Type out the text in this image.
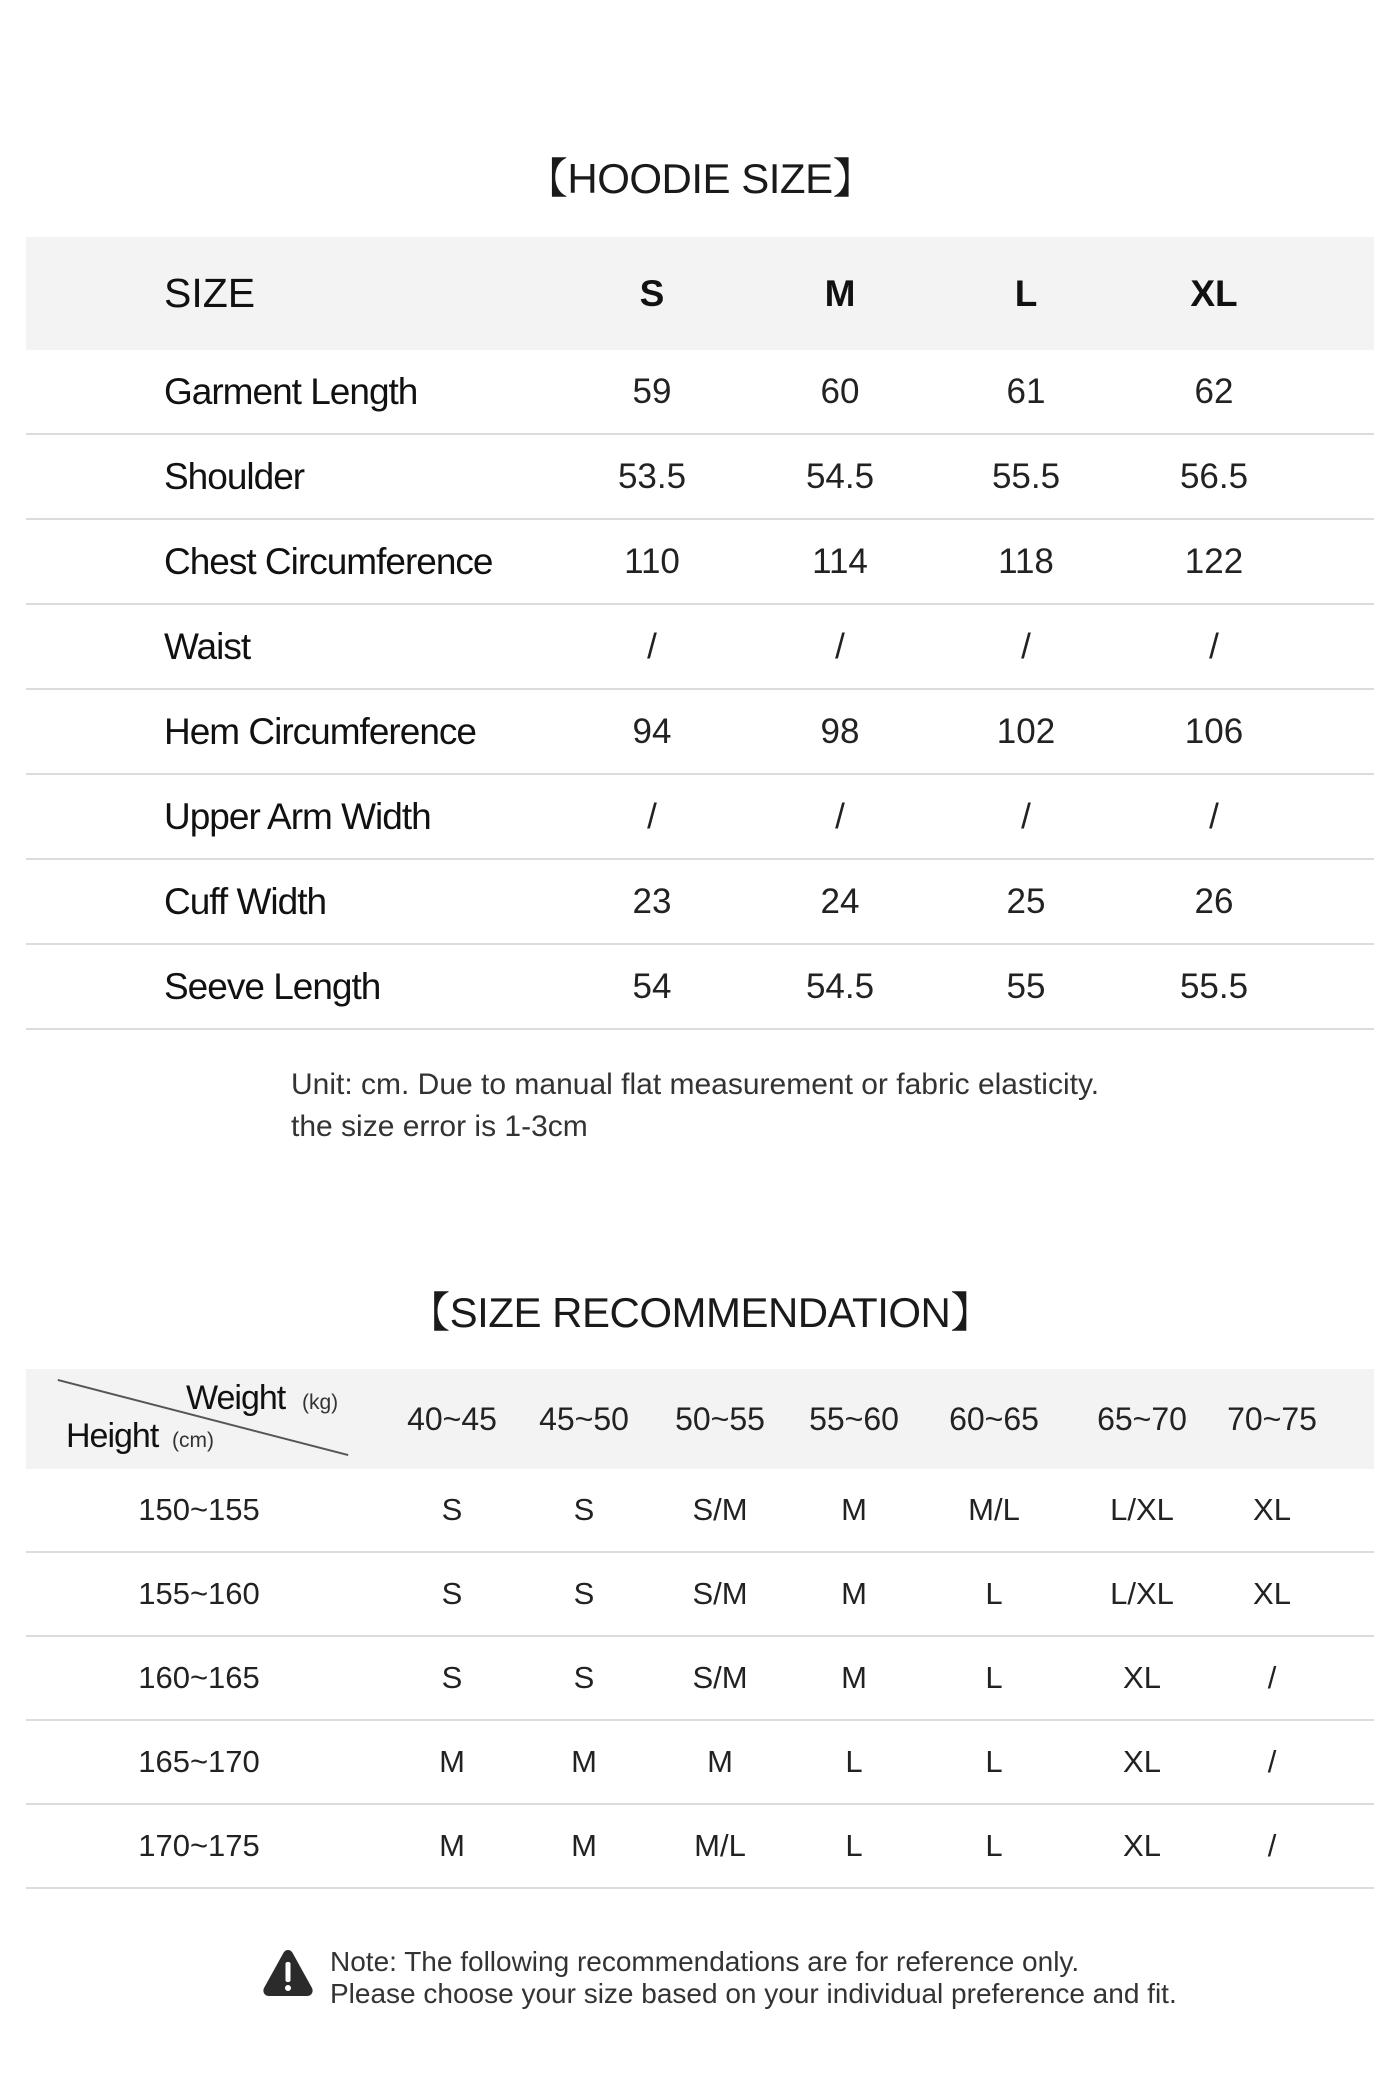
【HOODIE SIZE】
SIZE	S	M	L	XL
Garment Length	59	60	61	62
Shoulder	53.5	54.5	55.5	56.5
Chest Circumference	110	114	118	122
Waist	/	/	/	/
Hem Circumference	94	98	102	106
Upper Arm Width	/	/	/	/
Cuff Width	23	24	25	26
Seeve Length	54	54.5	55	55.5
Unit: cm. Due to manual flat measurement or fabric elasticity.
the size error is 1-3cm
【SIZE RECOMMENDATION】
Weight (kg)
Height (cm)
40~45	45~50	50~55	55~60	60~65	65~70	70~75
150~155	S	S	S/M	M	M/L	L/XL	XL
155~160	S	S	S/M	M	L	L/XL	XL
160~165	S	S	S/M	M	L	XL	/
165~170	M	M	M	L	L	XL	/
170~175	M	M	M/L	L	L	XL	/
Note: The following recommendations are for reference only.
Please choose your size based on your individual preference and fit.
